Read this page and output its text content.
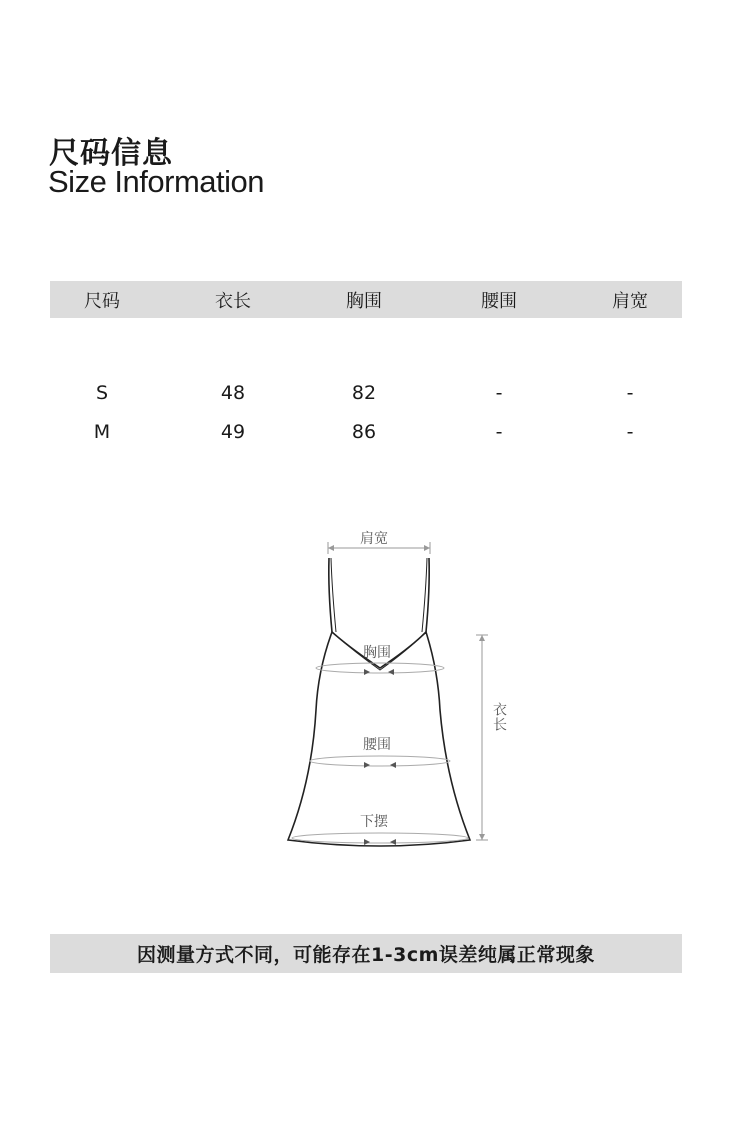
尺码信息
Size Information
尺码	衣长	胸围	腰围	肩宽
S	48	82	-	-
M	49	86	-	-
肩宽
胸围
腰围
下摆
衣长
因测量方式不同，可能存在1-3cm误差纯属正常现象
